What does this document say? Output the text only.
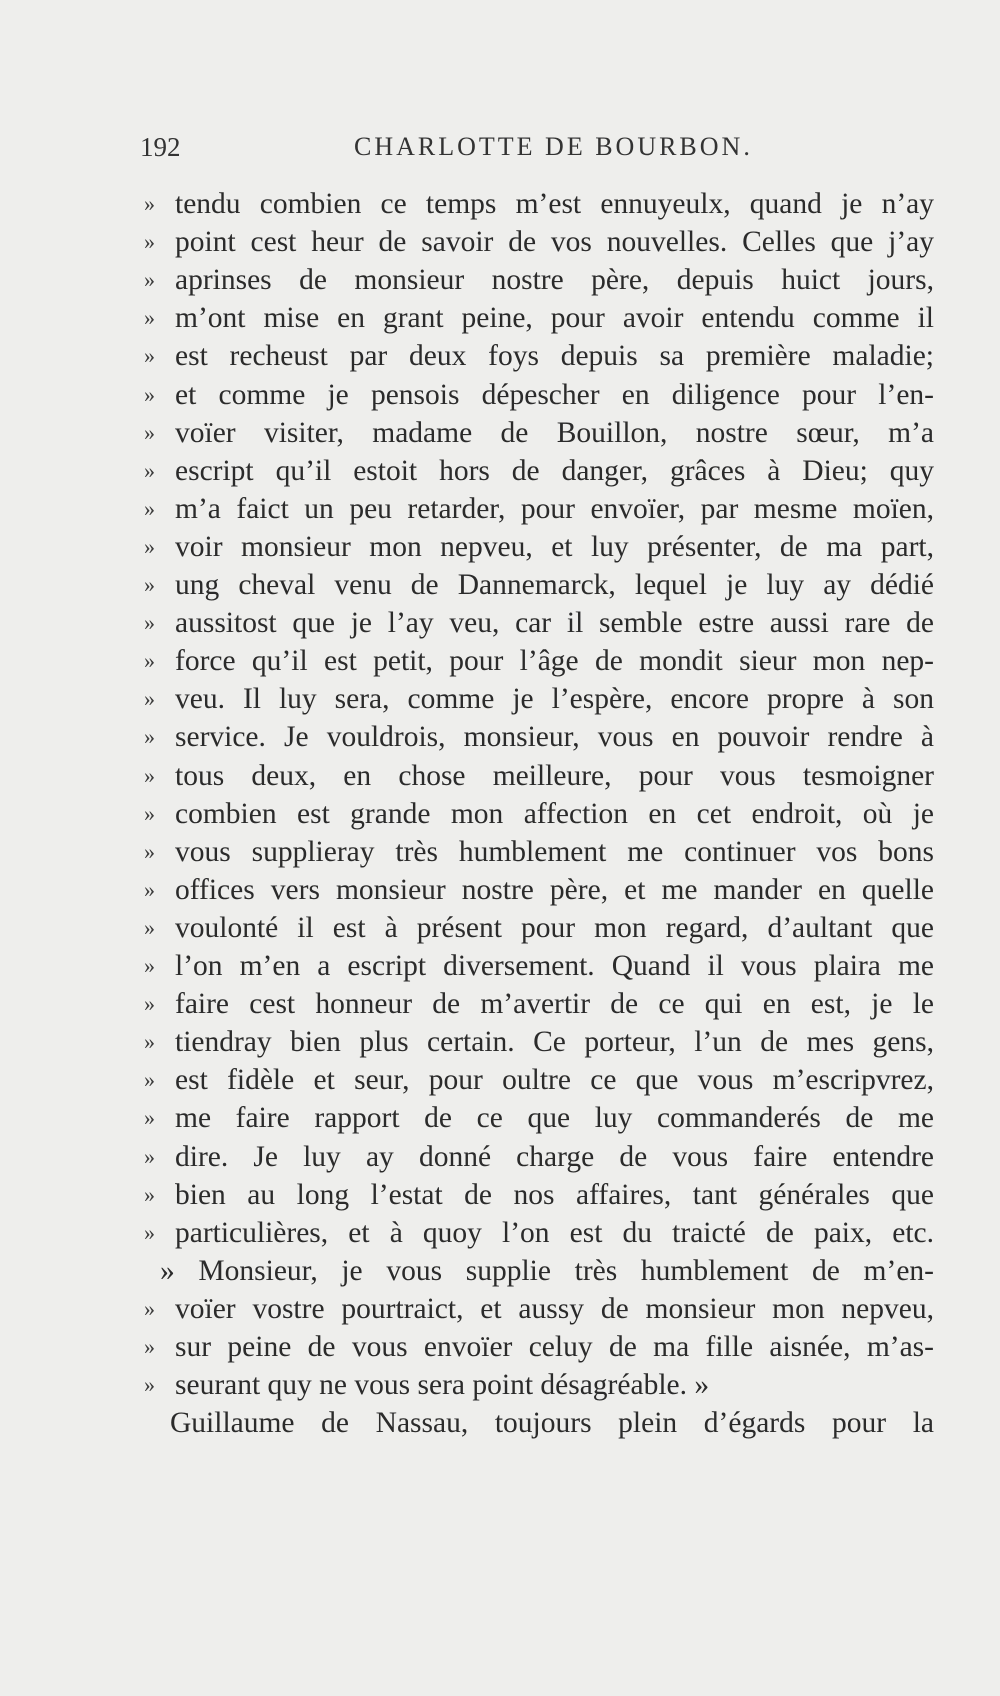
192	CHARLOTTE DE BOURBON.
» tendu combien ce temps m’est ennuyeulx, quand je n’ay
» point cest heur de savoir de vos nouvelles. Celles que j’ay
» aprinses de monsieur nostre père, depuis huict jours,
» m’ont mise en grant peine, pour avoir entendu comme il
» est recheust par deux foys depuis sa première maladie;
» et comme je pensois dépescher en diligence pour l’en-
» voïer visiter, madame de Bouillon, nostre sœur, m’a
» escript qu’il estoit hors de danger, grâces à Dieu; quy
» m’a faict un peu retarder, pour envoïer, par mesme moïen,
» voir monsieur mon nepveu, et luy présenter, de ma part,
» ung cheval venu de Dannemarck, lequel je luy ay dédié
» aussitost que je l’ay veu, car il semble estre aussi rare de
» force qu’il est petit, pour l’âge de mondit sieur mon nep-
» veu. Il luy sera, comme je l’espère, encore propre à son
» service. Je vouldrois, monsieur, vous en pouvoir rendre à
» tous deux, en chose meilleure, pour vous tesmoigner
» combien est grande mon affection en cet endroit, où je
» vous supplieray très humblement me continuer vos bons
» offices vers monsieur nostre père, et me mander en quelle
» voulonté il est à présent pour mon regard, d’aultant que
» l’on m’en a escript diversement. Quand il vous plaira me
» faire cest honneur de m’avertir de ce qui en est, je le
» tiendray bien plus certain. Ce porteur, l’un de mes gens,
» est fidèle et seur, pour oultre ce que vous m’escripvrez,
» me faire rapport de ce que luy commanderés de me
» dire. Je luy ay donné charge de vous faire entendre
» bien au long l’estat de nos affaires, tant générales que
» particulières, et à quoy l’on est du traicté de paix, etc.
» Monsieur, je vous supplie très humblement de m’en-
» voïer vostre pourtraict, et aussy de monsieur mon nepveu,
» sur peine de vous envoïer celuy de ma fille aisnée, m’as-
» seurant quy ne vous sera point désagréable. »
Guillaume de Nassau, toujours plein d’égards pour la
